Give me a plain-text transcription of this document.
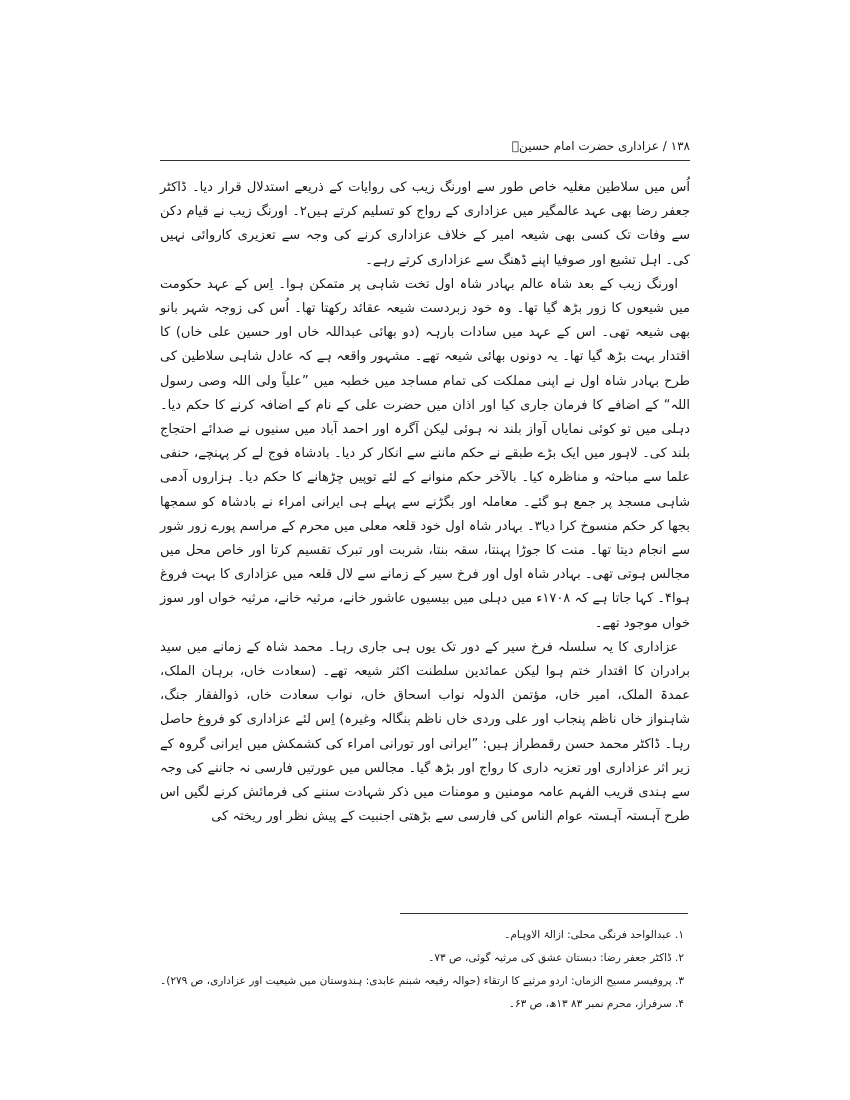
۱۳۸ / عزاداری حضرت امام حسینؑ

اُس میں سلاطین مغلیہ خاص طور سے اورنگ زیب کی روایات کے ذریعے استدلال قرار دیا۔ ڈاکٹر جعفر رضا بھی عہد عالمگیر میں عزاداری کے رواج کو تسلیم کرتے ہیں۲۔ اورنگ زیب نے قیام دکن سے وفات تک کسی بھی شیعہ امیر کے خلاف عزاداری کرنے کی وجہ سے تعزیری کاروائی نہیں کی۔ اہل تشیع اور صوفیا اپنے ڈھنگ سے عزاداری کرتے رہے۔

اورنگ زیب کے بعد شاہ عالم بہادر شاہ اول تخت شاہی پر متمکن ہوا۔ اِس کے عہد حکومت میں شیعوں کا زور بڑھ گیا تھا۔ وہ خود زبردست شیعہ عقائد رکھتا تھا۔ اُس کی زوجہ شہر بانو بھی شیعہ تھی۔ اس کے عہد میں سادات بارہہ (دو بھائی عبداللہ خاں اور حسین علی خاں) کا اقتدار بہت بڑھ گیا تھا۔ یہ دونوں بھائی شیعہ تھے۔ مشہور واقعہ ہے کہ عادل شاہی سلاطین کی طرح بہادر شاہ اول نے اپنی مملکت کی تمام مساجد میں خطبہ میں ”علیاً ولی اللہ وصی رسول اللہ“ کے اضافے کا فرمان جاری کیا اور اذان میں حضرت علی کے نام کے اضافہ کرنے کا حکم دیا۔ دہلی میں تو کوئی نمایاں آواز بلند نہ ہوئی لیکن آگرہ اور احمد آباد میں سنیوں نے صدائے احتجاج بلند کی۔ لاہور میں ایک بڑے طبقے نے حکم ماننے سے انکار کر دیا۔ بادشاہ فوج لے کر پہنچے، حنفی علما سے مباحثہ و مناظرہ کیا۔ بالآخر حکم منوانے کے لئے توپیں چڑھانے کا حکم دیا۔ ہزاروں آدمی شاہی مسجد پر جمع ہو گئے۔ معاملہ اور بگڑنے سے پہلے ہی ایرانی امراء نے بادشاہ کو سمجھا بجھا کر حکم منسوخ کرا دیا۳۔ بہادر شاہ اول خود قلعہ معلی میں محرم کے مراسم پورے زور شور سے انجام دیتا تھا۔ منت کا جوڑا پہنتا، سقہ بنتا، شربت اور تبرک تقسیم کرتا اور خاص محل میں مجالس ہوتی تھی۔ بہادر شاہ اول اور فرخ سیر کے زمانے سے لال قلعہ میں عزاداری کا بہت فروغ ہوا۴۔ کہا جاتا ہے کہ ۱۷۰۸ء میں دہلی میں بیسیوں عاشور خانے، مرثیہ خانے، مرثیہ خواں اور سوز خواں موجود تھے۔

عزاداری کا یہ سلسلہ فرخ سیر کے دور تک یوں ہی جاری رہا۔ محمد شاہ کے زمانے میں سید برادران کا اقتدار ختم ہوا لیکن عمائدین سلطنت اکثر شیعہ تھے۔ (سعادت خاں، برہان الملک، عمدۃ الملک، امیر خاں، مؤتمن الدولہ نواب اسحاق خاں، نواب سعادت خاں، ذوالفقار جنگ، شاہنواز خاں ناظم پنجاب اور علی وردی خاں ناظم بنگالہ وغیرہ) اِس لئے عزاداری کو فروغ حاصل رہا۔ ڈاکٹر محمد حسن رقمطراز ہیں: ”ایرانی اور تورانی امراء کی کشمکش میں ایرانی گروہ کے زیر اثر عزاداری اور تعزیہ داری کا رواج اور بڑھ گیا۔ مجالس میں عورتیں فارسی نہ جاننے کی وجہ سے ہندی قریب الفہم عامہ مومنین و مومنات میں ذکر شہادت سننے کی فرمائش کرنے لگیں اس طرح آہستہ آہستہ عوام الناس کی فارسی سے بڑھتی اجنبیت کے پیش نظر اور ریختہ کی

۱. عبدالواحد فرنگی محلی: ازالۃ الاوہام۔
۲. ڈاکٹر جعفر رضا: دبستان عشق کی مرثیہ گوئی، ص ۷۳۔
۳. پروفیسر مسیح الزماں: اردو مرثیے کا ارتقاء (حوالہ رفیعہ شبنم عابدی: ہندوستان میں شیعیت اور عزاداری، ص ۲۷۹)۔
۴. سرفراز، محرم نمبر ۸۳ ۱۳ھ، ص ۶۳۔
